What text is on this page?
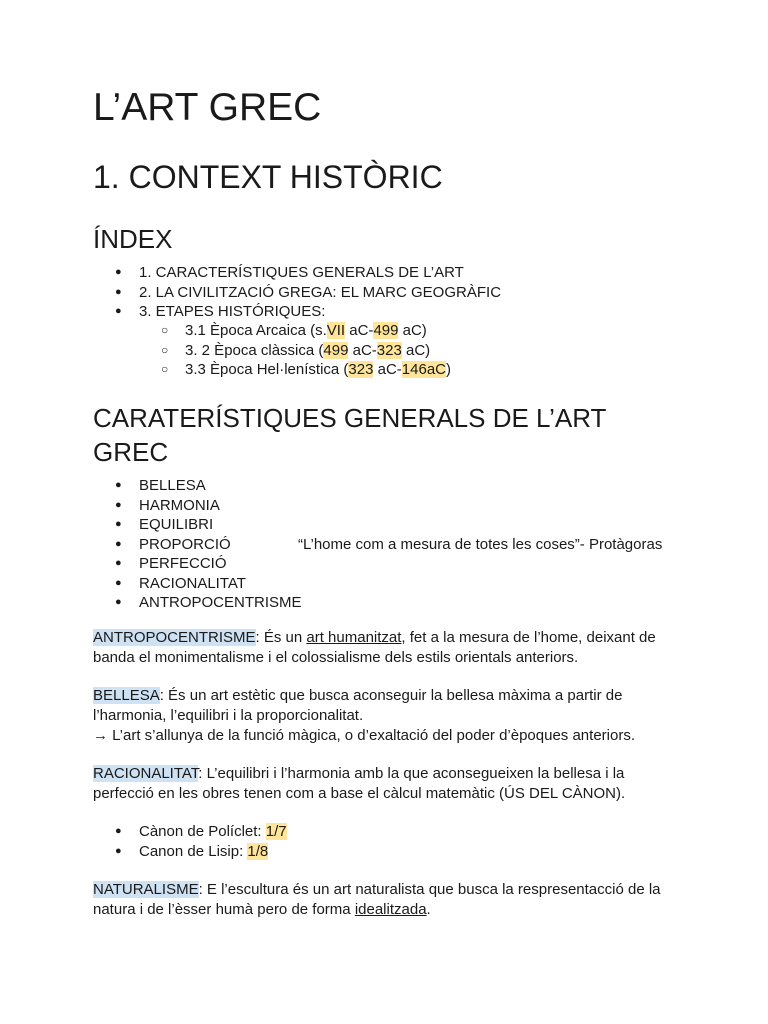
L’ART GREC
1. CONTEXT HISTÒRIC
ÍNDEX
● 1. CARACTERÍSTIQUES GENERALS DE L’ART
● 2. LA CIVILITZACIÓ GREGA: EL MARC GEOGRÀFIC
● 3. ETAPES HISTÓRIQUES:
○ 3.1 Època Arcaica (s.VII aC-499 aC)
○ 3. 2 Època clàssica (499 aC-323 aC)
○ 3.3 Època Hel·lenística (323 aC-146aC)
CARATERÍSTIQUES GENERALS DE L’ART GREC
● BELLESA
● HARMONIA
● EQUILIBRI
● PROPORCIÓ
● PERFECCIÓ
● RACIONALITAT
● ANTROPOCENTRISME
“L’home com a mesura de totes les coses”- Protàgoras
ANTROPOCENTRISME: És un art humanitzat, fet a la mesura de l’home, deixant de banda el monimentalisme i el colossialisme dels estils orientals anteriors.
BELLESA: És un art estètic que busca aconseguir la bellesa màxima a partir de l’harmonia, l’equilibri i la proporcionalitat.
→ L’art s’allunya de la funció màgica, o d’exaltació del poder d’èpoques anteriors.
RACIONALITAT: L’equilibri i l’harmonia amb la que aconsegueixen la bellesa i la perfecció en les obres tenen com a base el càlcul matemàtic (ÚS DEL CÀNON).
● Cànon de Políclet: 1/7
● Canon de Lisip: 1/8
NATURALISME: E l’escultura és un art naturalista que busca la respresentacció de la natura i de l’èsser humà pero de forma idealitzada.
